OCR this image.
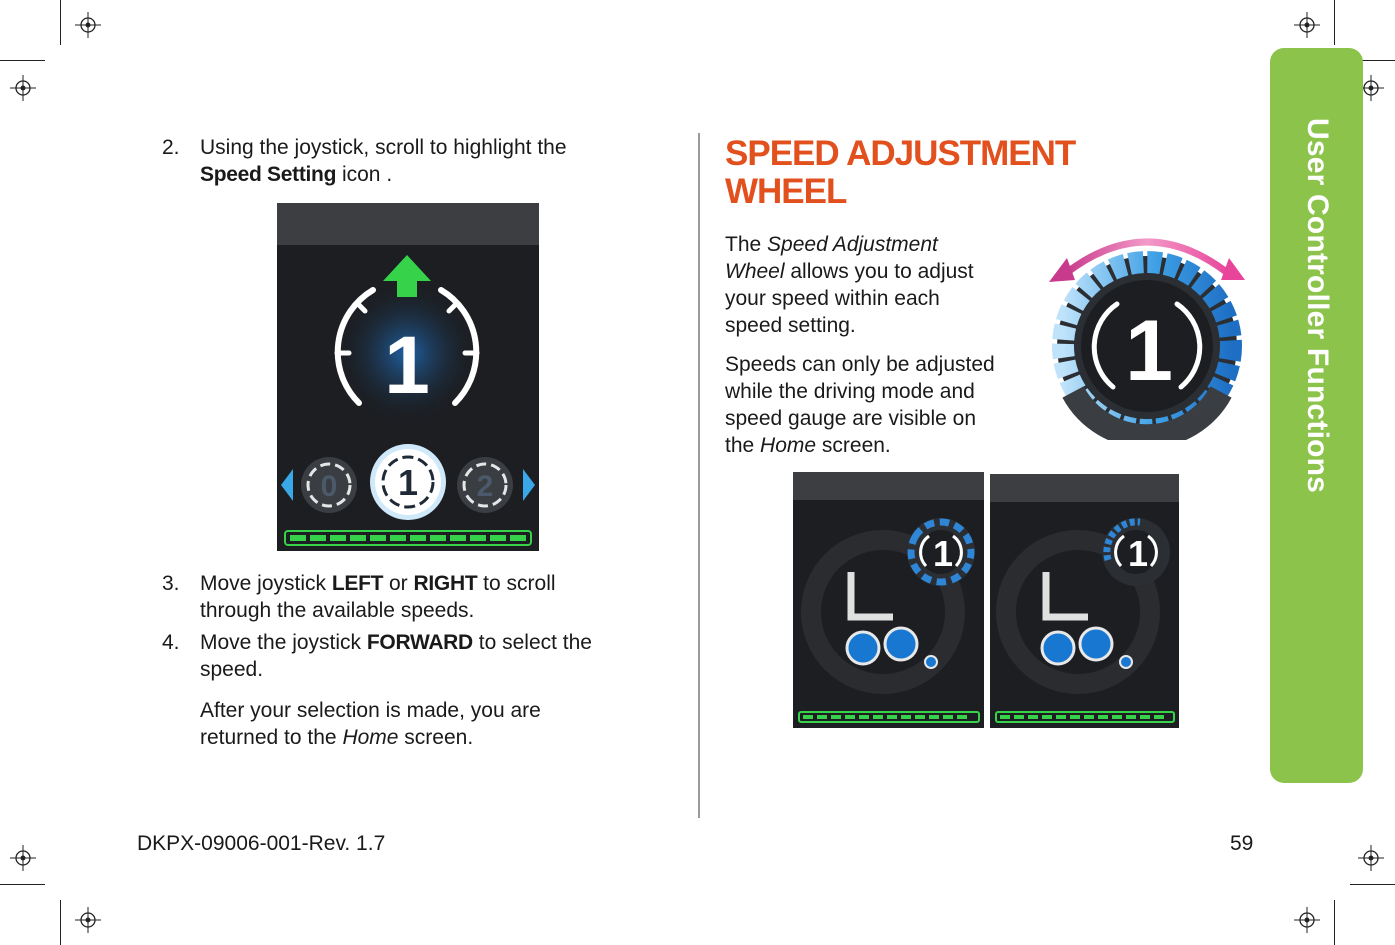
User Controller Functions
2. Using the joystick, scroll to highlight the
Speed Setting icon .
1
0 1 2
3. Move joystick LEFT or RIGHT to scroll
through the available speeds.
4. Move the joystick FORWARD to select the
speed.
After your selection is made, you are
returned to the Home screen.
SPEED ADJUSTMENT
WHEEL
The Speed Adjustment
Wheel allows you to adjust
your speed within each
speed setting.
Speeds can only be adjusted
while the driving mode and
speed gauge are visible on
the Home screen.
1
1	1
DKPX-09006-001-Rev. 1.7	59
